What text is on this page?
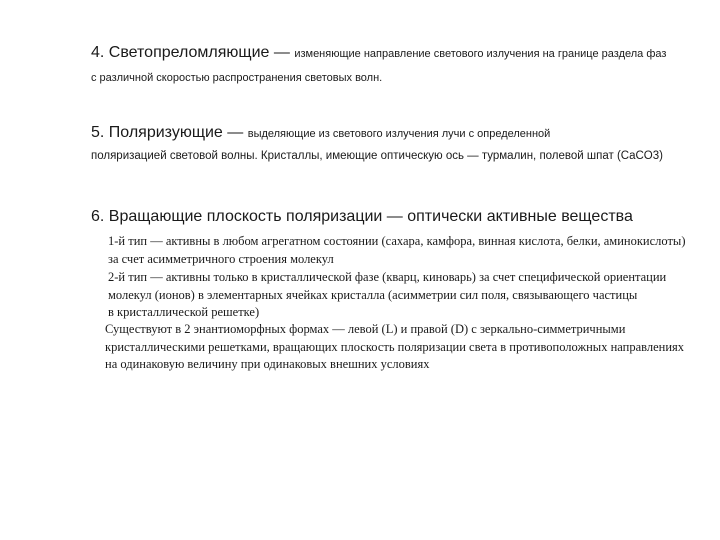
4. Светопреломляющие — изменяющие направление светового излучения на границе раздела фаз
с различной скоростью распространения световых волн.
5. Поляризующие — выделяющие из светового излучения лучи с определенной
поляризацией световой волны. Кристаллы, имеющие оптическую ось — турмалин, полевой шпат (CaCO3)
6. Вращающие плоскость поляризации — оптически активные вещества
1-й тип — активны в любом агрегатном состоянии (сахара, камфора, винная кислота, белки, аминокислоты)
за счет асимметричного строения молекул
2-й тип — активны только в кристаллической фазе (кварц, киноварь) за счет специфической ориентации
молекул (ионов) в элементарных ячейках кристалла (асимметрии сил поля, связывающего частицы
в кристаллической решетке)
Существуют в 2 энантиоморфных формах — левой (L) и правой (D) с зеркально-симметричными
кристаллическими решетками, вращающих плоскость поляризации света в противоположных направлениях
на одинаковую величину при одинаковых внешних условиях
